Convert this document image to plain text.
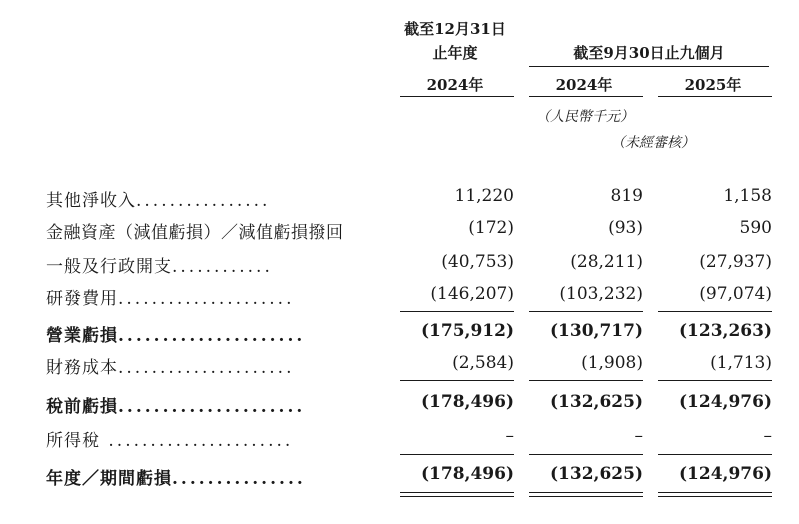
截至12月31日
止年度	截至9月30日止九個月
2024年	2024年	2025年
（人民幣千元）
（未經審核）
其他淨收入................	11,220	819	1,158
金融資產（減值虧損）／減值虧損撥回	(172)	(93)	590
一般及行政開支............	(40,753)	(28,211)	(27,937)
研發費用.....................	(146,207)	(103,232)	(97,074)
營業虧損.....................	(175,912)	(130,717)	(123,263)
財務成本.....................	(2,584)	(1,908)	(1,713)
稅前虧損.....................	(178,496)	(132,625)	(124,976)
所得稅 ......................	–	–	–
年度／期間虧損...............	(178,496)	(132,625)	(124,976)
